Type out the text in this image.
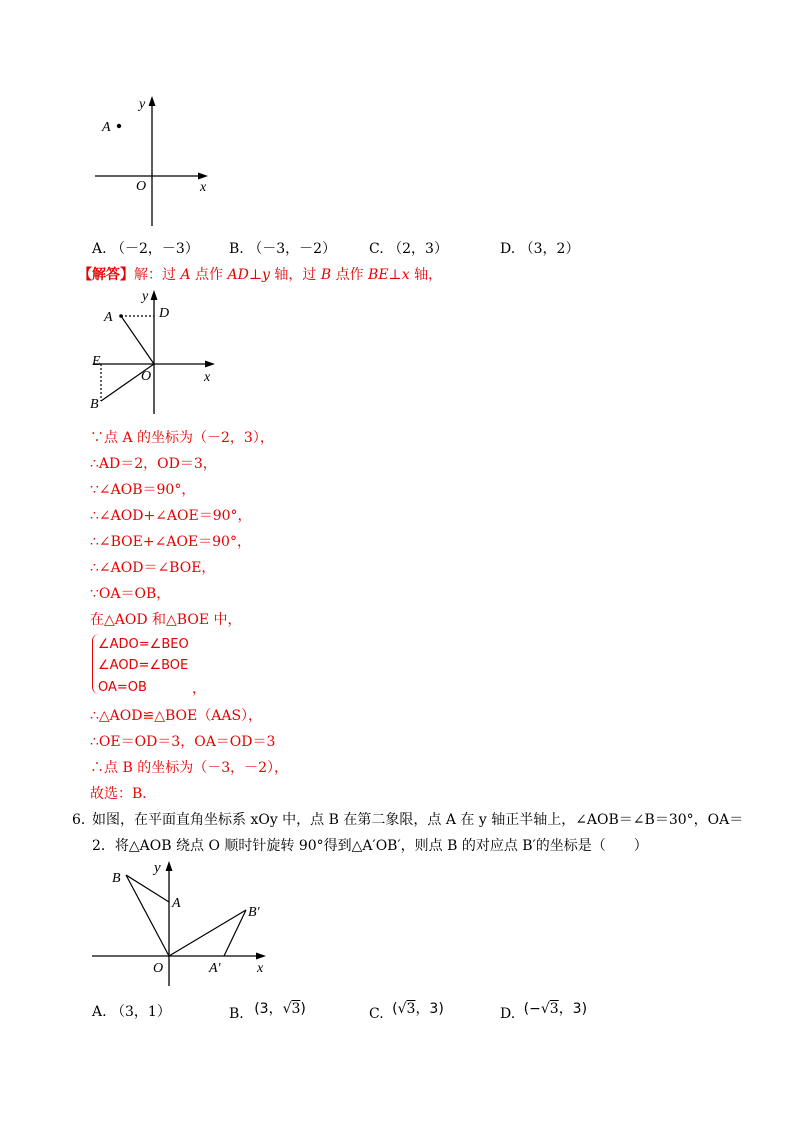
y
A
O	x
A. （－2，－3） B. （－3，－2） C. （2，3）	D. （3，2）
【解答】解：过 A 点作 AD⊥y 轴，过 B 点作 BE⊥x 轴，
y
A	D
E
O	x
B
∵点 A 的坐标为（－2，3），
∴AD＝2，OD＝3，
∵∠AOB＝90°，
∴∠AOD+∠AOE＝90°，
∴∠BOE+∠AOE＝90°，
∴∠AOD＝∠BOE，
∵OA＝OB，
在△AOD 和△BOE 中，
∠ADO=∠BEO
∠AOD=∠BOE
OA=OB	，
∴△AOD≌△BOE（AAS），
∴OE＝OD＝3，OA＝OD＝3
∴点 B 的坐标为（－3，－2），
故选：B．
6．
如图，在平面直角坐标系 xOy 中，点 B 在第二象限，点 A 在 y 轴正半轴上，∠AOB＝∠B＝30°，OA＝
2．将△AOB 绕点 O 顺时针旋转 90°得到△A′OB′，则点 B 的对应点 B′的坐标是（　　）
y
B
A
B′
O	A′	x
A. （3，1）	B. (3，√3)	C. (√3，3)	D. (−√3，3)
